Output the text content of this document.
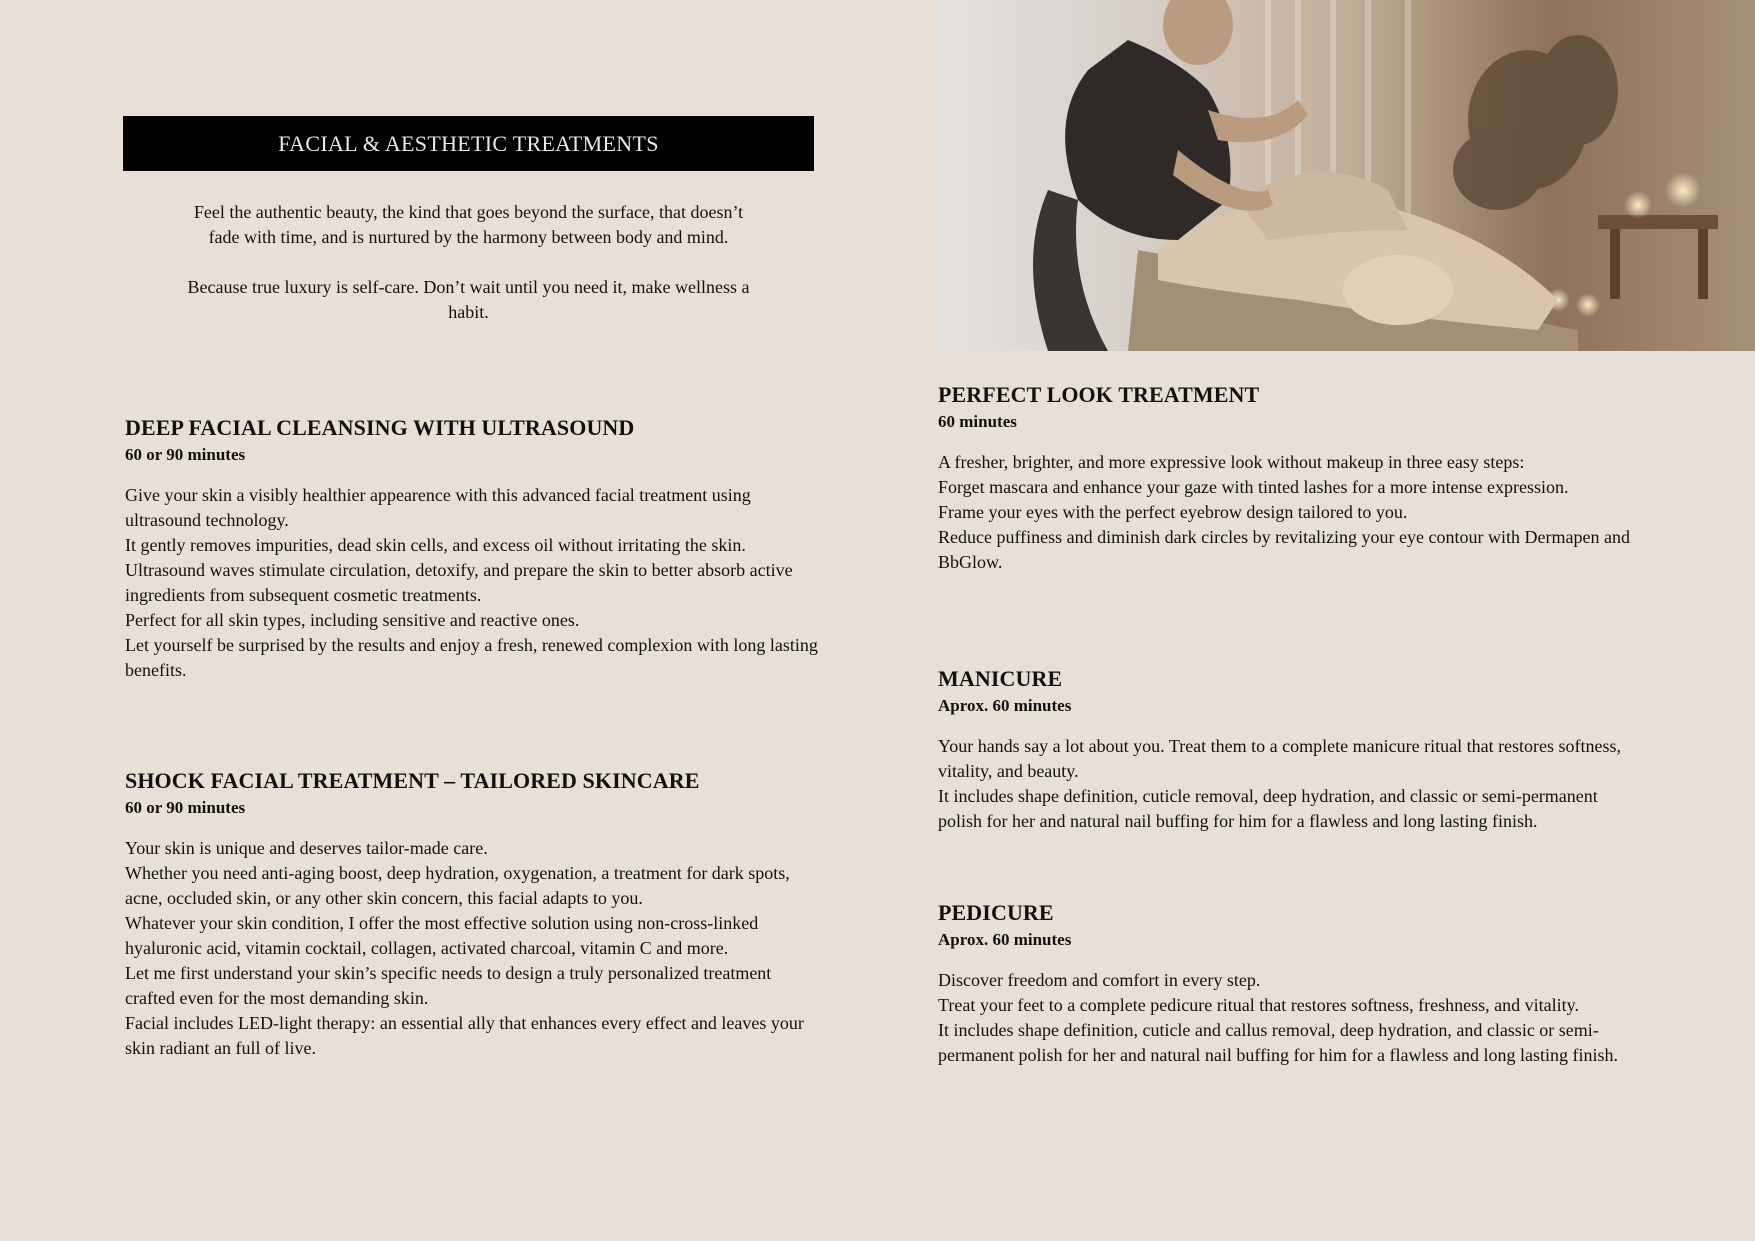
FACIAL & AESTHETIC TREATMENTS

Feel the authentic beauty, the kind that goes beyond the surface, that doesn’t fade with time, and is nurtured by the harmony between body and mind.

Because true luxury is self-care. Don’t wait until you need it, make wellness a habit.

DEEP FACIAL CLEANSING WITH ULTRASOUND
60 or 90 minutes

Give your skin a visibly healthier appearence with this advanced facial treatment using ultrasound technology.

It gently removes impurities, dead skin cells, and excess oil without irritating the skin.

Ultrasound waves stimulate circulation, detoxify, and prepare the skin to better absorb active ingredients from subsequent cosmetic treatments.

Perfect for all skin types, including sensitive and reactive ones.

Let yourself be surprised by the results and enjoy a fresh, renewed complexion with long lasting benefits.

SHOCK FACIAL TREATMENT – TAILORED SKINCARE
60 or 90 minutes

Your skin is unique and deserves tailor-made care.

Whether you need anti-aging boost, deep hydration, oxygenation, a treatment for dark spots, acne, occluded skin, or any other skin concern, this facial adapts to you.

Whatever your skin condition, I offer the most effective solution using non-cross-linked hyaluronic acid, vitamin cocktail, collagen, activated charcoal, vitamin C and more.

Let me first understand your skin’s specific needs to design a truly personalized treatment crafted even for the most demanding skin.

Facial includes LED-light therapy: an essential ally that enhances every effect and leaves your skin radiant an full of live.

PERFECT LOOK TREATMENT
60 minutes

A fresher, brighter, and more expressive look without makeup in three easy steps:

Forget mascara and enhance your gaze with tinted lashes for a more intense expression.

Frame your eyes with the perfect eyebrow design tailored to you.

Reduce puffiness and diminish dark circles by revitalizing your eye contour with Dermapen and BbGlow.

MANICURE
Aprox. 60 minutes

Your hands say a lot about you. Treat them to a complete manicure ritual that restores softness, vitality, and beauty.

It includes shape definition, cuticle removal, deep hydration, and classic or semi-permanent polish for her and natural nail buffing for him for a flawless and long lasting finish.

PEDICURE
Aprox. 60 minutes

Discover freedom and comfort in every step.

Treat your feet to a complete pedicure ritual that restores softness, freshness, and vitality.

It includes shape definition, cuticle and callus removal, deep hydration, and classic or semi-permanent polish for her and natural nail buffing for him for a flawless and long lasting finish.
